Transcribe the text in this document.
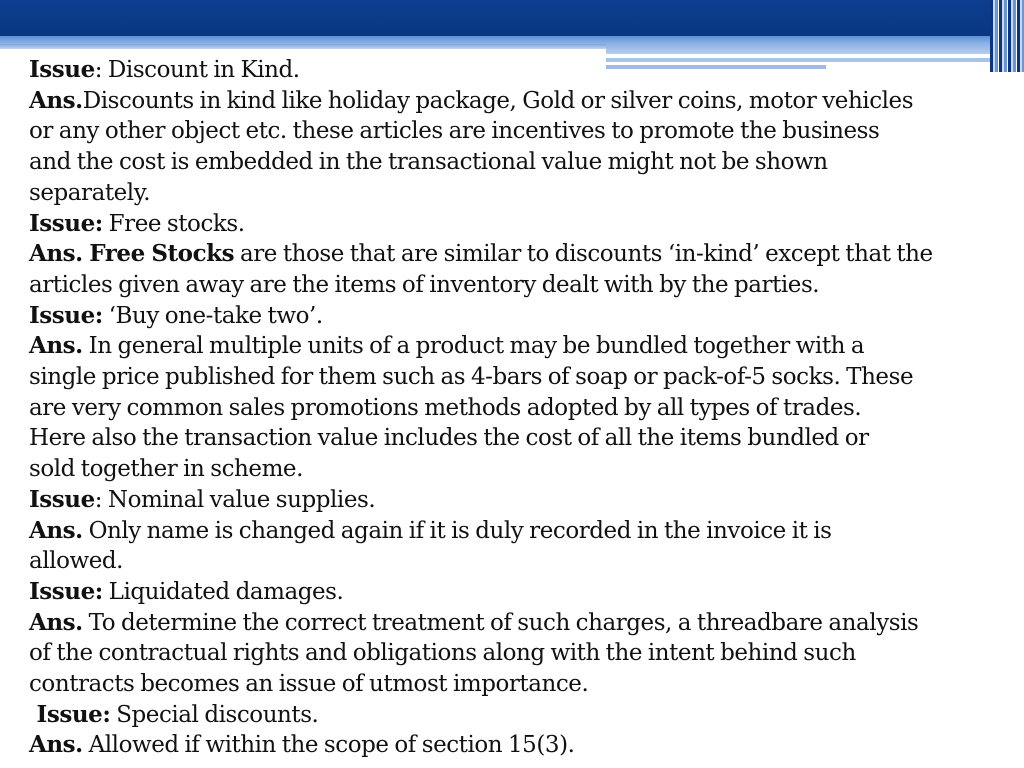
Issue: Discount in Kind.
Ans.Discounts in kind like holiday package, Gold or silver coins, motor vehicles
or any other object etc. these articles are incentives to promote the business
and the cost is embedded in the transactional value might not be shown
separately.
Issue: Free stocks.
Ans. Free Stocks are those that are similar to discounts ‘in-kind’ except that the
articles given away are the items of inventory dealt with by the parties.
Issue: ‘Buy one-take two’.
Ans. In general multiple units of a product may be bundled together with a
single price published for them such as 4-bars of soap or pack-of-5 socks. These
are very common sales promotions methods adopted by all types of trades.
Here also the transaction value includes the cost of all the items bundled or
sold together in scheme.
Issue: Nominal value supplies.
Ans. Only name is changed again if it is duly recorded in the invoice it is
allowed.
Issue: Liquidated damages.
Ans. To determine the correct treatment of such charges, a threadbare analysis
of the contractual rights and obligations along with the intent behind such
contracts becomes an issue of utmost importance.
Issue: Special discounts.
Ans. Allowed if within the scope of section 15(3).
